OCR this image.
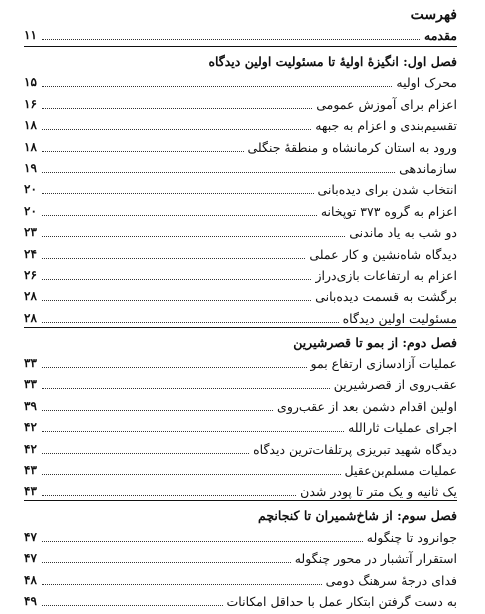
فهرست
مقدمه
۱۱
فصل اول: انگیزهٔ اولیهٔ تا مسئولیت اولین دیدگاه
محرک اولیه
۱۵
اعزام برای آموزش عمومی
۱۶
تقسیم‌بندی و اعزام به جبهه
۱۸
ورود به استان کرمانشاه و منطقهٔ جنگلی
۱۸
سازماندهی
۱۹
انتخاب شدن برای دیده‌بانی
۲۰
اعزام به گروه ۳۷۳ توپخانه
۲۰
دو شب به یاد ماندنی
۲۳
دیدگاه شاه‌نشین و کار عملی
۲۴
اعزام به ارتفاعات بازی‌دراز
۲۶
برگشت به قسمت دیده‌بانی
۲۸
مسئولیت اولین دیدگاه
۲۸
فصل دوم: از بمو تا قصرشیرین
عملیات آزادسازی ارتفاع بمو
۳۳
عقب‌روی از قصرشیرین
۳۳
اولین اقدام دشمن بعد از عقب‌روی
۳۹
اجرای عملیات ثارالله
۴۲
دیدگاه شهید تبریزی پرتلفات‌ترین دیدگاه
۴۲
عملیات مسلم‌بن‌عقیل
۴۳
یک ثانیه و یک متر تا پودر شدن
۴۳
فصل سوم: از شاخ‌شمیران تا کنجانچم
جوانرود تا چنگوله
۴۷
استقرار آتشبار در محور چنگوله
۴۷
فدای درجهٔ سرهنگ دومی
۴۸
به دست گرفتن ابتکار عمل با حداقل امکانات
۴۹
